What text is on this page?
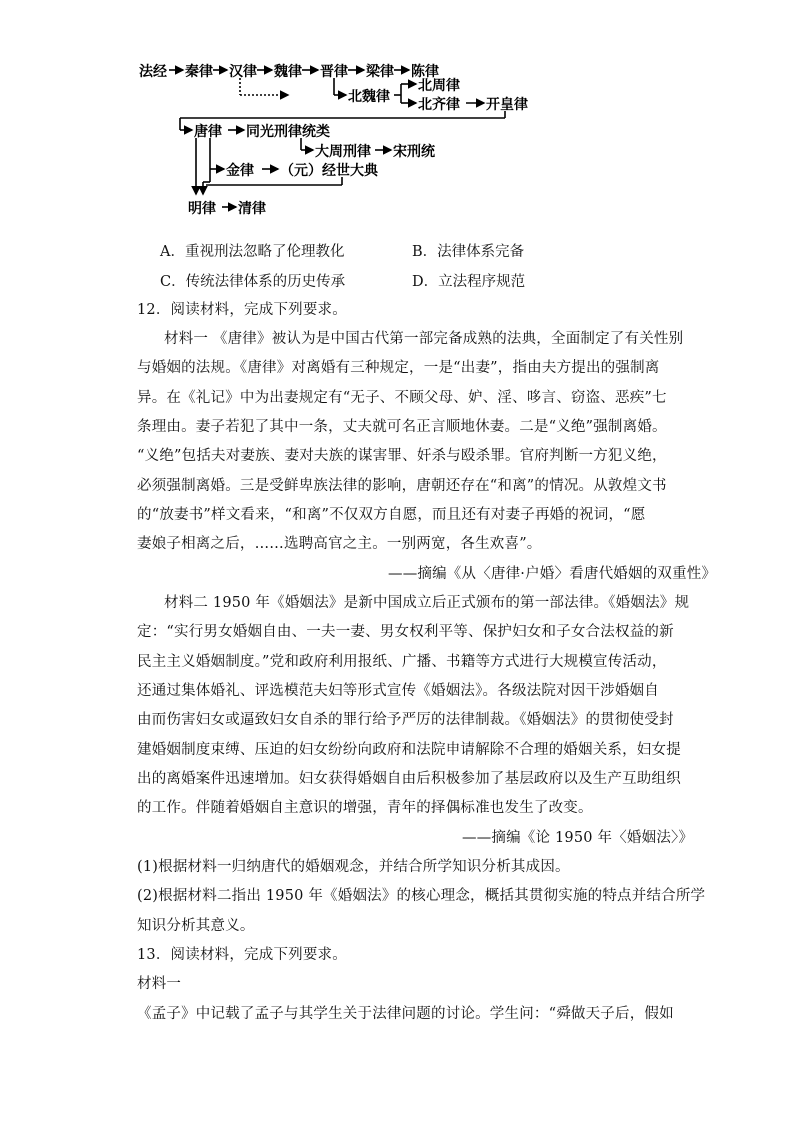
法经 秦律 汉律 魏律 晋律 梁律 陈律
北魏律
北周律
北齐律 开皇律
唐律 同光刑律统类
大周刑律 宋刑统
金律 （元）经世大典
明律 清律
A．重视刑法忽略了伦理教化	B．法律体系完备
C．传统法律体系的历史传承	D．立法程序规范
12．阅读材料，完成下列要求。
材料一 《唐律》被认为是中国古代第一部完备成熟的法典，全面制定了有关性别
与婚姻的法规。《唐律》对离婚有三种规定，一是“出妻”，指由夫方提出的强制离
异。在《礼记》中为出妻规定有“无子、不顾父母、妒、淫、哆言、窃盗、恶疾”七
条理由。妻子若犯了其中一条，丈夫就可名正言顺地休妻。二是“义绝”强制离婚。
“义绝”包括夫对妻族、妻对夫族的谋害罪、奸杀与殴杀罪。官府判断一方犯义绝，
必须强制离婚。三是受鲜卑族法律的影响，唐朝还存在“和离”的情况。从敦煌文书
的“放妻书”样文看来，“和离”不仅双方自愿，而且还有对妻子再婚的祝词，“愿
妻娘子相离之后，……选聘高官之主。一别两宽，各生欢喜”。
——摘编《从〈唐律·户婚〉看唐代婚姻的双重性》
材料二 1950 年《婚姻法》是新中国成立后正式颁布的第一部法律。《婚姻法》规
定：“实行男女婚姻自由、一夫一妻、男女权利平等、保护妇女和子女合法权益的新
民主主义婚姻制度。”党和政府利用报纸、广播、书籍等方式进行大规模宣传活动，
还通过集体婚礼、评选模范夫妇等形式宣传《婚姻法》。各级法院对因干涉婚姻自
由而伤害妇女或逼致妇女自杀的罪行给予严厉的法律制裁。《婚姻法》的贯彻使受封
建婚姻制度束缚、压迫的妇女纷纷向政府和法院申请解除不合理的婚姻关系，妇女提
出的离婚案件迅速增加。妇女获得婚姻自由后积极参加了基层政府以及生产互助组织
的工作。伴随着婚姻自主意识的增强，青年的择偶标准也发生了改变。
——摘编《论 1950 年〈婚姻法〉》
(1)根据材料一归纳唐代的婚姻观念，并结合所学知识分析其成因。
(2)根据材料二指出 1950 年《婚姻法》的核心理念，概括其贯彻实施的特点并结合所学
知识分析其意义。
13．阅读材料，完成下列要求。
材料一
《孟子》中记载了孟子与其学生关于法律问题的讨论。学生问：“舜做天子后，假如
